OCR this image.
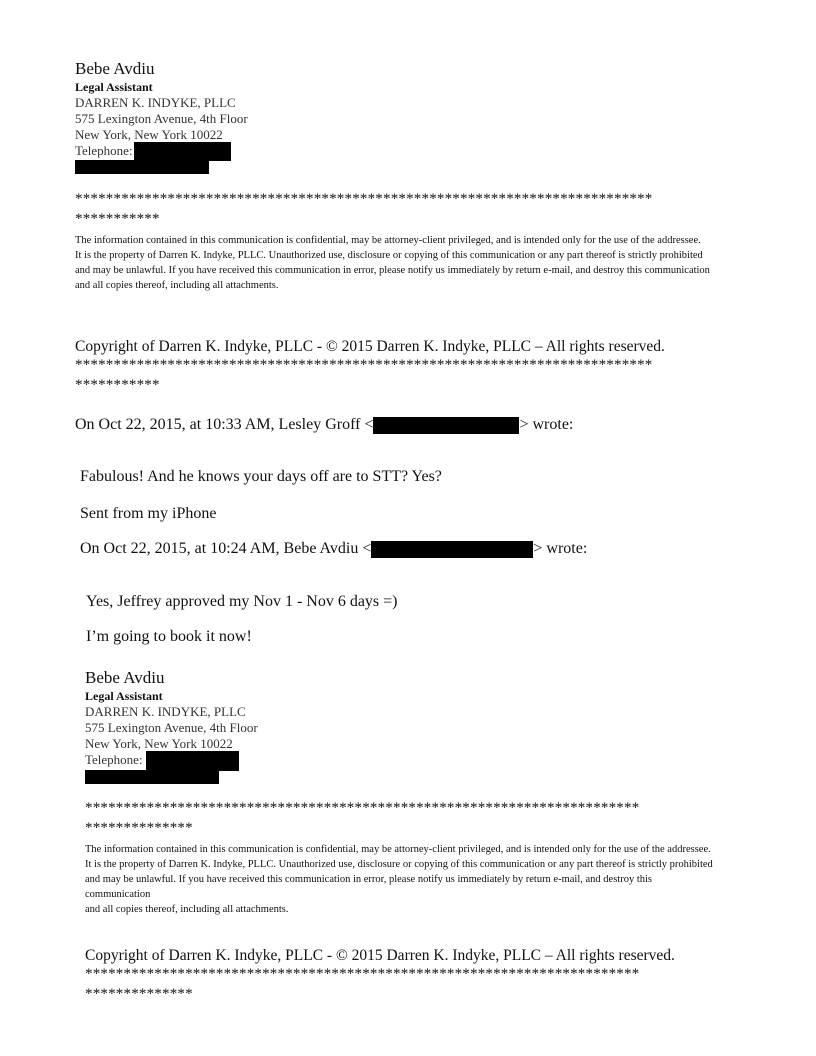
Bebe Avdiu
Legal Assistant
DARREN K. INDYKE, PLLC
575 Lexington Avenue, 4th Floor
New York, New York 10022
Telephone:
***************************************************************************
***********
The information contained in this communication is confidential, may be attorney-client privileged, and is intended only for the use of the addressee.
It is the property of Darren K. Indyke, PLLC. Unauthorized use, disclosure or copying of this communication or any part thereof is strictly prohibited
and may be unlawful. If you have received this communication in error, please notify us immediately by return e-mail, and destroy this communication
and all copies thereof, including all attachments.
Copyright of Darren K. Indyke, PLLC - © 2015 Darren K. Indyke, PLLC – All rights reserved.
***************************************************************************
***********
On Oct 22, 2015, at 10:33 AM, Lesley Groff <	> wrote:
Fabulous! And he knows your days off are to STT? Yes?
Sent from my iPhone
On Oct 22, 2015, at 10:24 AM, Bebe Avdiu <	> wrote:
Yes, Jeffrey approved my Nov 1 - Nov 6 days =)
I’m going to book it now!
Bebe Avdiu
Legal Assistant
DARREN K. INDYKE, PLLC
575 Lexington Avenue, 4th Floor
New York, New York 10022
Telephone:
************************************************************************
**************
The information contained in this communication is confidential, may be attorney-client privileged, and is intended only for the use of the addressee.
It is the property of Darren K. Indyke, PLLC. Unauthorized use, disclosure or copying of this communication or any part thereof is strictly prohibited
and may be unlawful. If you have received this communication in error, please notify us immediately by return e-mail, and destroy this communication
and all copies thereof, including all attachments.
Copyright of Darren K. Indyke, PLLC - © 2015 Darren K. Indyke, PLLC – All rights reserved.
************************************************************************
**************
